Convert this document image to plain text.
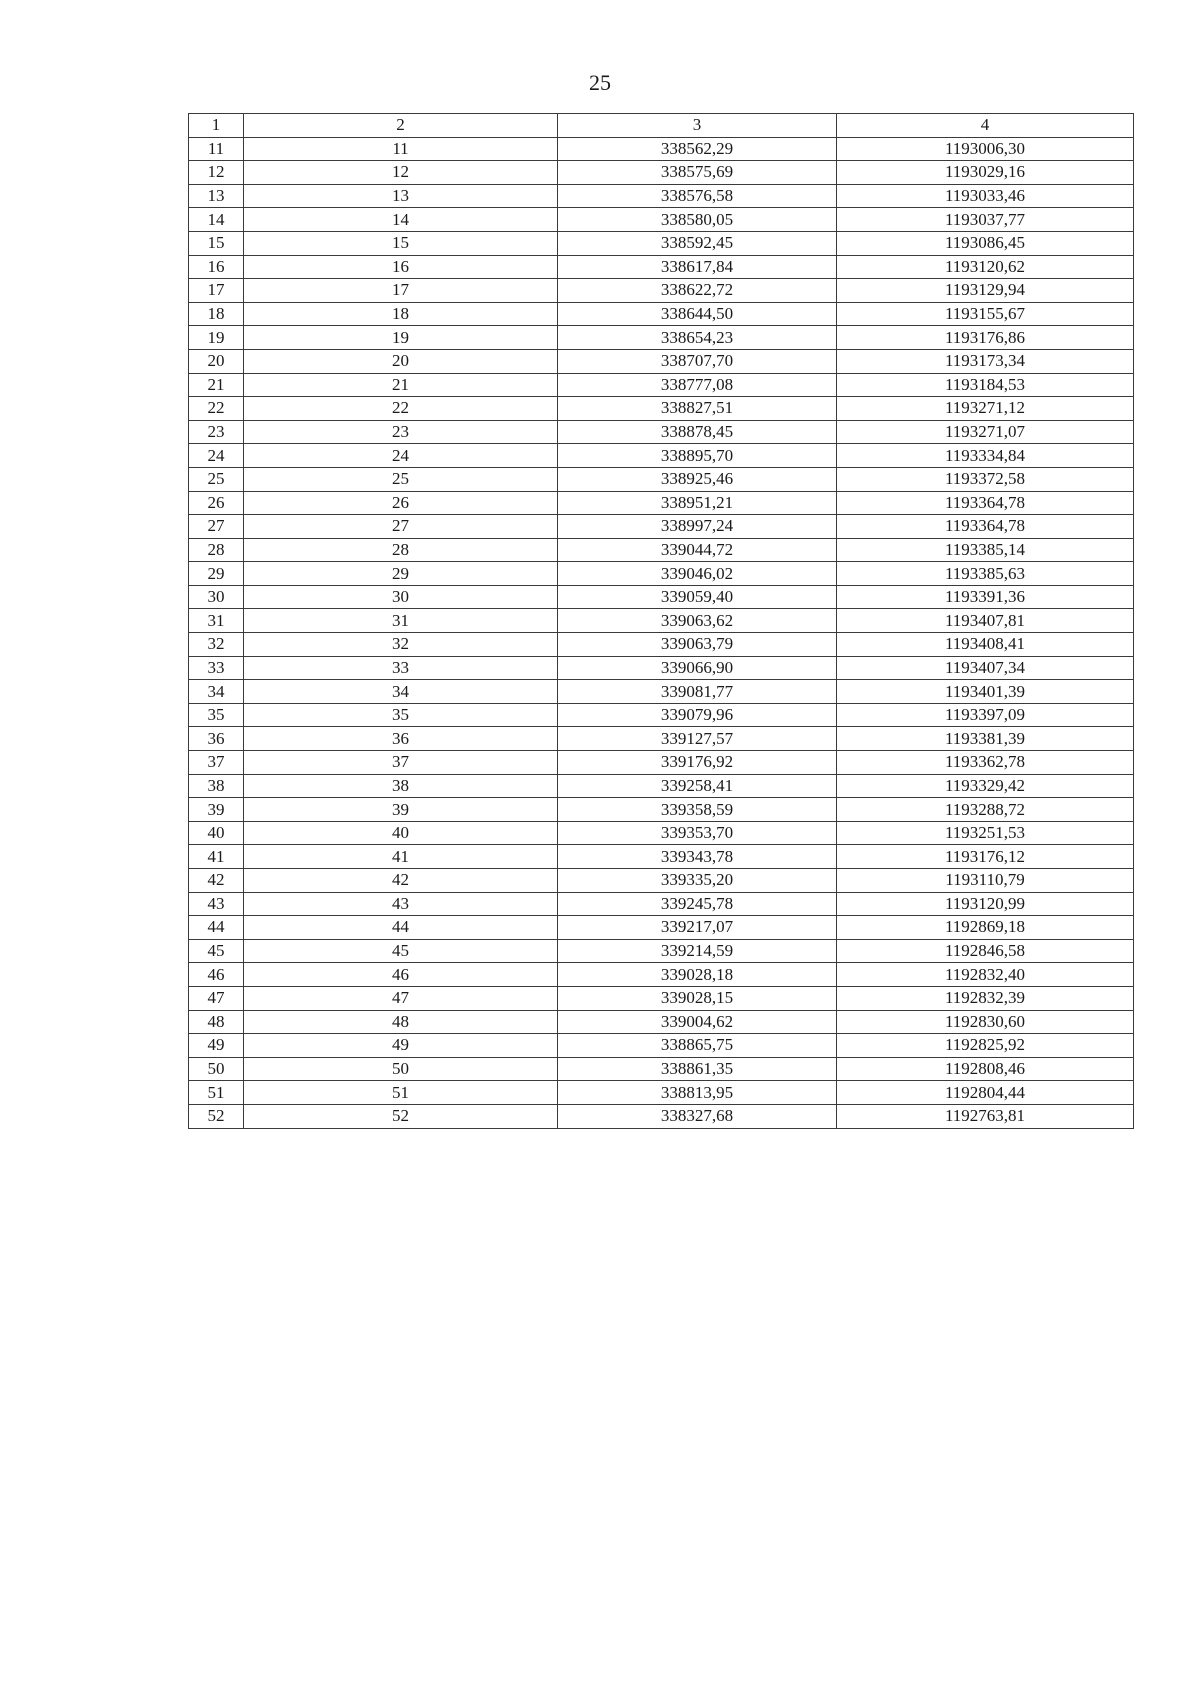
25
1	2	3	4
11	11	338562,29	1193006,30
12	12	338575,69	1193029,16
13	13	338576,58	1193033,46
14	14	338580,05	1193037,77
15	15	338592,45	1193086,45
16	16	338617,84	1193120,62
17	17	338622,72	1193129,94
18	18	338644,50	1193155,67
19	19	338654,23	1193176,86
20	20	338707,70	1193173,34
21	21	338777,08	1193184,53
22	22	338827,51	1193271,12
23	23	338878,45	1193271,07
24	24	338895,70	1193334,84
25	25	338925,46	1193372,58
26	26	338951,21	1193364,78
27	27	338997,24	1193364,78
28	28	339044,72	1193385,14
29	29	339046,02	1193385,63
30	30	339059,40	1193391,36
31	31	339063,62	1193407,81
32	32	339063,79	1193408,41
33	33	339066,90	1193407,34
34	34	339081,77	1193401,39
35	35	339079,96	1193397,09
36	36	339127,57	1193381,39
37	37	339176,92	1193362,78
38	38	339258,41	1193329,42
39	39	339358,59	1193288,72
40	40	339353,70	1193251,53
41	41	339343,78	1193176,12
42	42	339335,20	1193110,79
43	43	339245,78	1193120,99
44	44	339217,07	1192869,18
45	45	339214,59	1192846,58
46	46	339028,18	1192832,40
47	47	339028,15	1192832,39
48	48	339004,62	1192830,60
49	49	338865,75	1192825,92
50	50	338861,35	1192808,46
51	51	338813,95	1192804,44
52	52	338327,68	1192763,81
